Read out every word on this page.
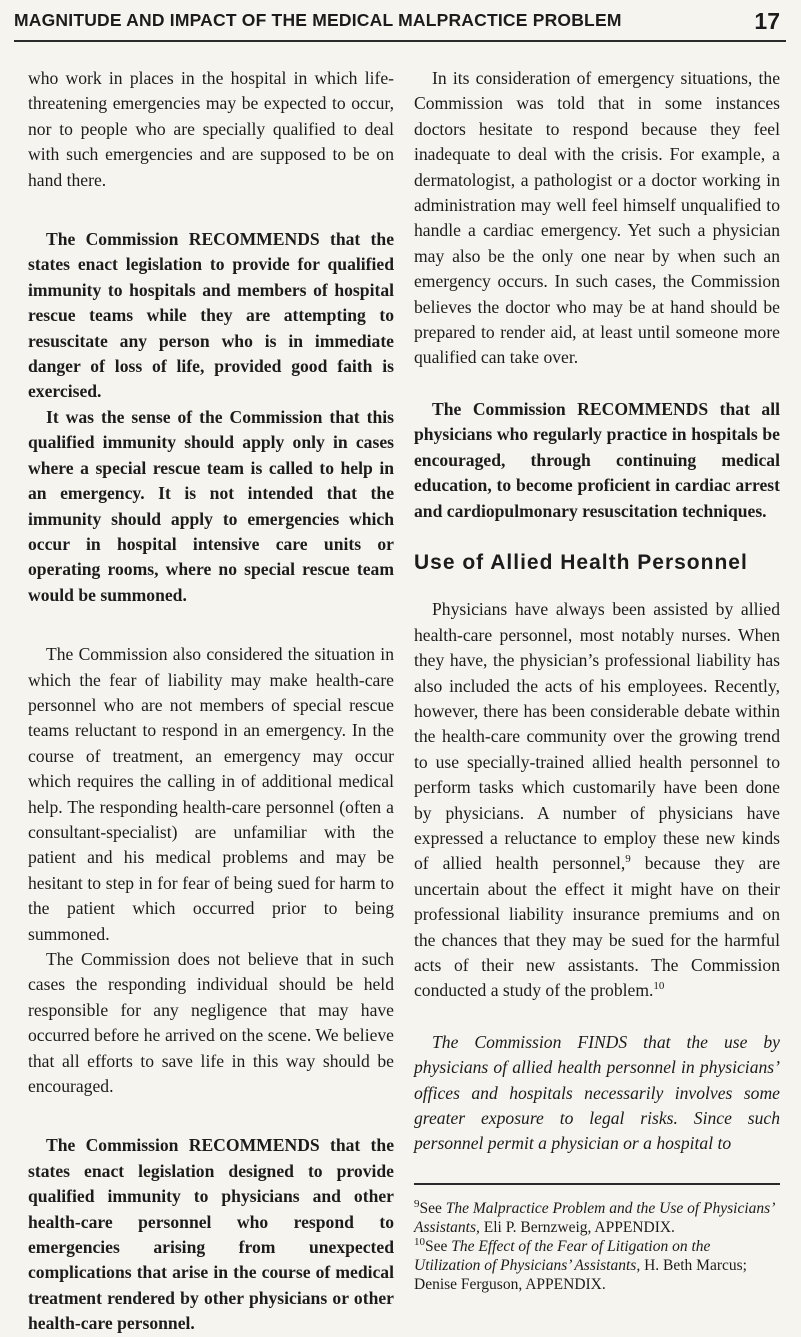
MAGNITUDE AND IMPACT OF THE MEDICAL MALPRACTICE PROBLEM	17

who work in places in the hospital in which life-threatening emergencies may be expected to occur, nor to people who are specially qualified to deal with such emergencies and are supposed to be on hand there.

The Commission RECOMMENDS that the states enact legislation to provide for qualified immunity to hospitals and members of hospital rescue teams while they are attempting to resuscitate any person who is in immediate danger of loss of life, provided good faith is exercised.

It was the sense of the Commission that this qualified immunity should apply only in cases where a special rescue team is called to help in an emergency. It is not intended that the immunity should apply to emergencies which occur in hospital intensive care units or operating rooms, where no special rescue team would be summoned.

The Commission also considered the situation in which the fear of liability may make health-care personnel who are not members of special rescue teams reluctant to respond in an emergency. In the course of treatment, an emergency may occur which requires the calling in of additional medical help. The responding health-care personnel (often a consultant-specialist) are unfamiliar with the patient and his medical problems and may be hesitant to step in for fear of being sued for harm to the patient which occurred prior to being summoned.

The Commission does not believe that in such cases the responding individual should be held responsible for any negligence that may have occurred before he arrived on the scene. We believe that all efforts to save life in this way should be encouraged.

The Commission RECOMMENDS that the states enact legislation designed to provide qualified immunity to physicians and other health-care personnel who respond to emergencies arising from unexpected complications that arise in the course of medical treatment rendered by other physicians or other health-care personnel.

In its consideration of emergency situations, the Commission was told that in some instances doctors hesitate to respond because they feel inadequate to deal with the crisis. For example, a dermatologist, a pathologist or a doctor working in administration may well feel himself unqualified to handle a cardiac emergency. Yet such a physician may also be the only one near by when such an emergency occurs. In such cases, the Commission believes the doctor who may be at hand should be prepared to render aid, at least until someone more qualified can take over.

The Commission RECOMMENDS that all physicians who regularly practice in hospitals be encouraged, through continuing medical education, to become proficient in cardiac arrest and cardiopulmonary resuscitation techniques.

Use of Allied Health Personnel

Physicians have always been assisted by allied health-care personnel, most notably nurses. When they have, the physician’s professional liability has also included the acts of his employees. Recently, however, there has been considerable debate within the health-care community over the growing trend to use specially-trained allied health personnel to perform tasks which customarily have been done by physicians. A number of physicians have expressed a reluctance to employ these new kinds of allied health personnel,$^9$ because they are uncertain about the effect it might have on their professional liability insurance premiums and on the chances that they may be sued for the harmful acts of their new assistants. The Commission conducted a study of the problem.$^{10}$

The Commission FINDS that the use by physicians of allied health personnel in physicians’ offices and hospitals necessarily involves some greater exposure to legal risks. Since such personnel permit a physician or a hospital to

$^9$See The Malpractice Problem and the Use of Physicians’ Assistants, Eli P. Bernzweig, APPENDIX.

$^{10}$See The Effect of the Fear of Litigation on the Utilization of Physicians’ Assistants, H. Beth Marcus; Denise Ferguson, APPENDIX.
